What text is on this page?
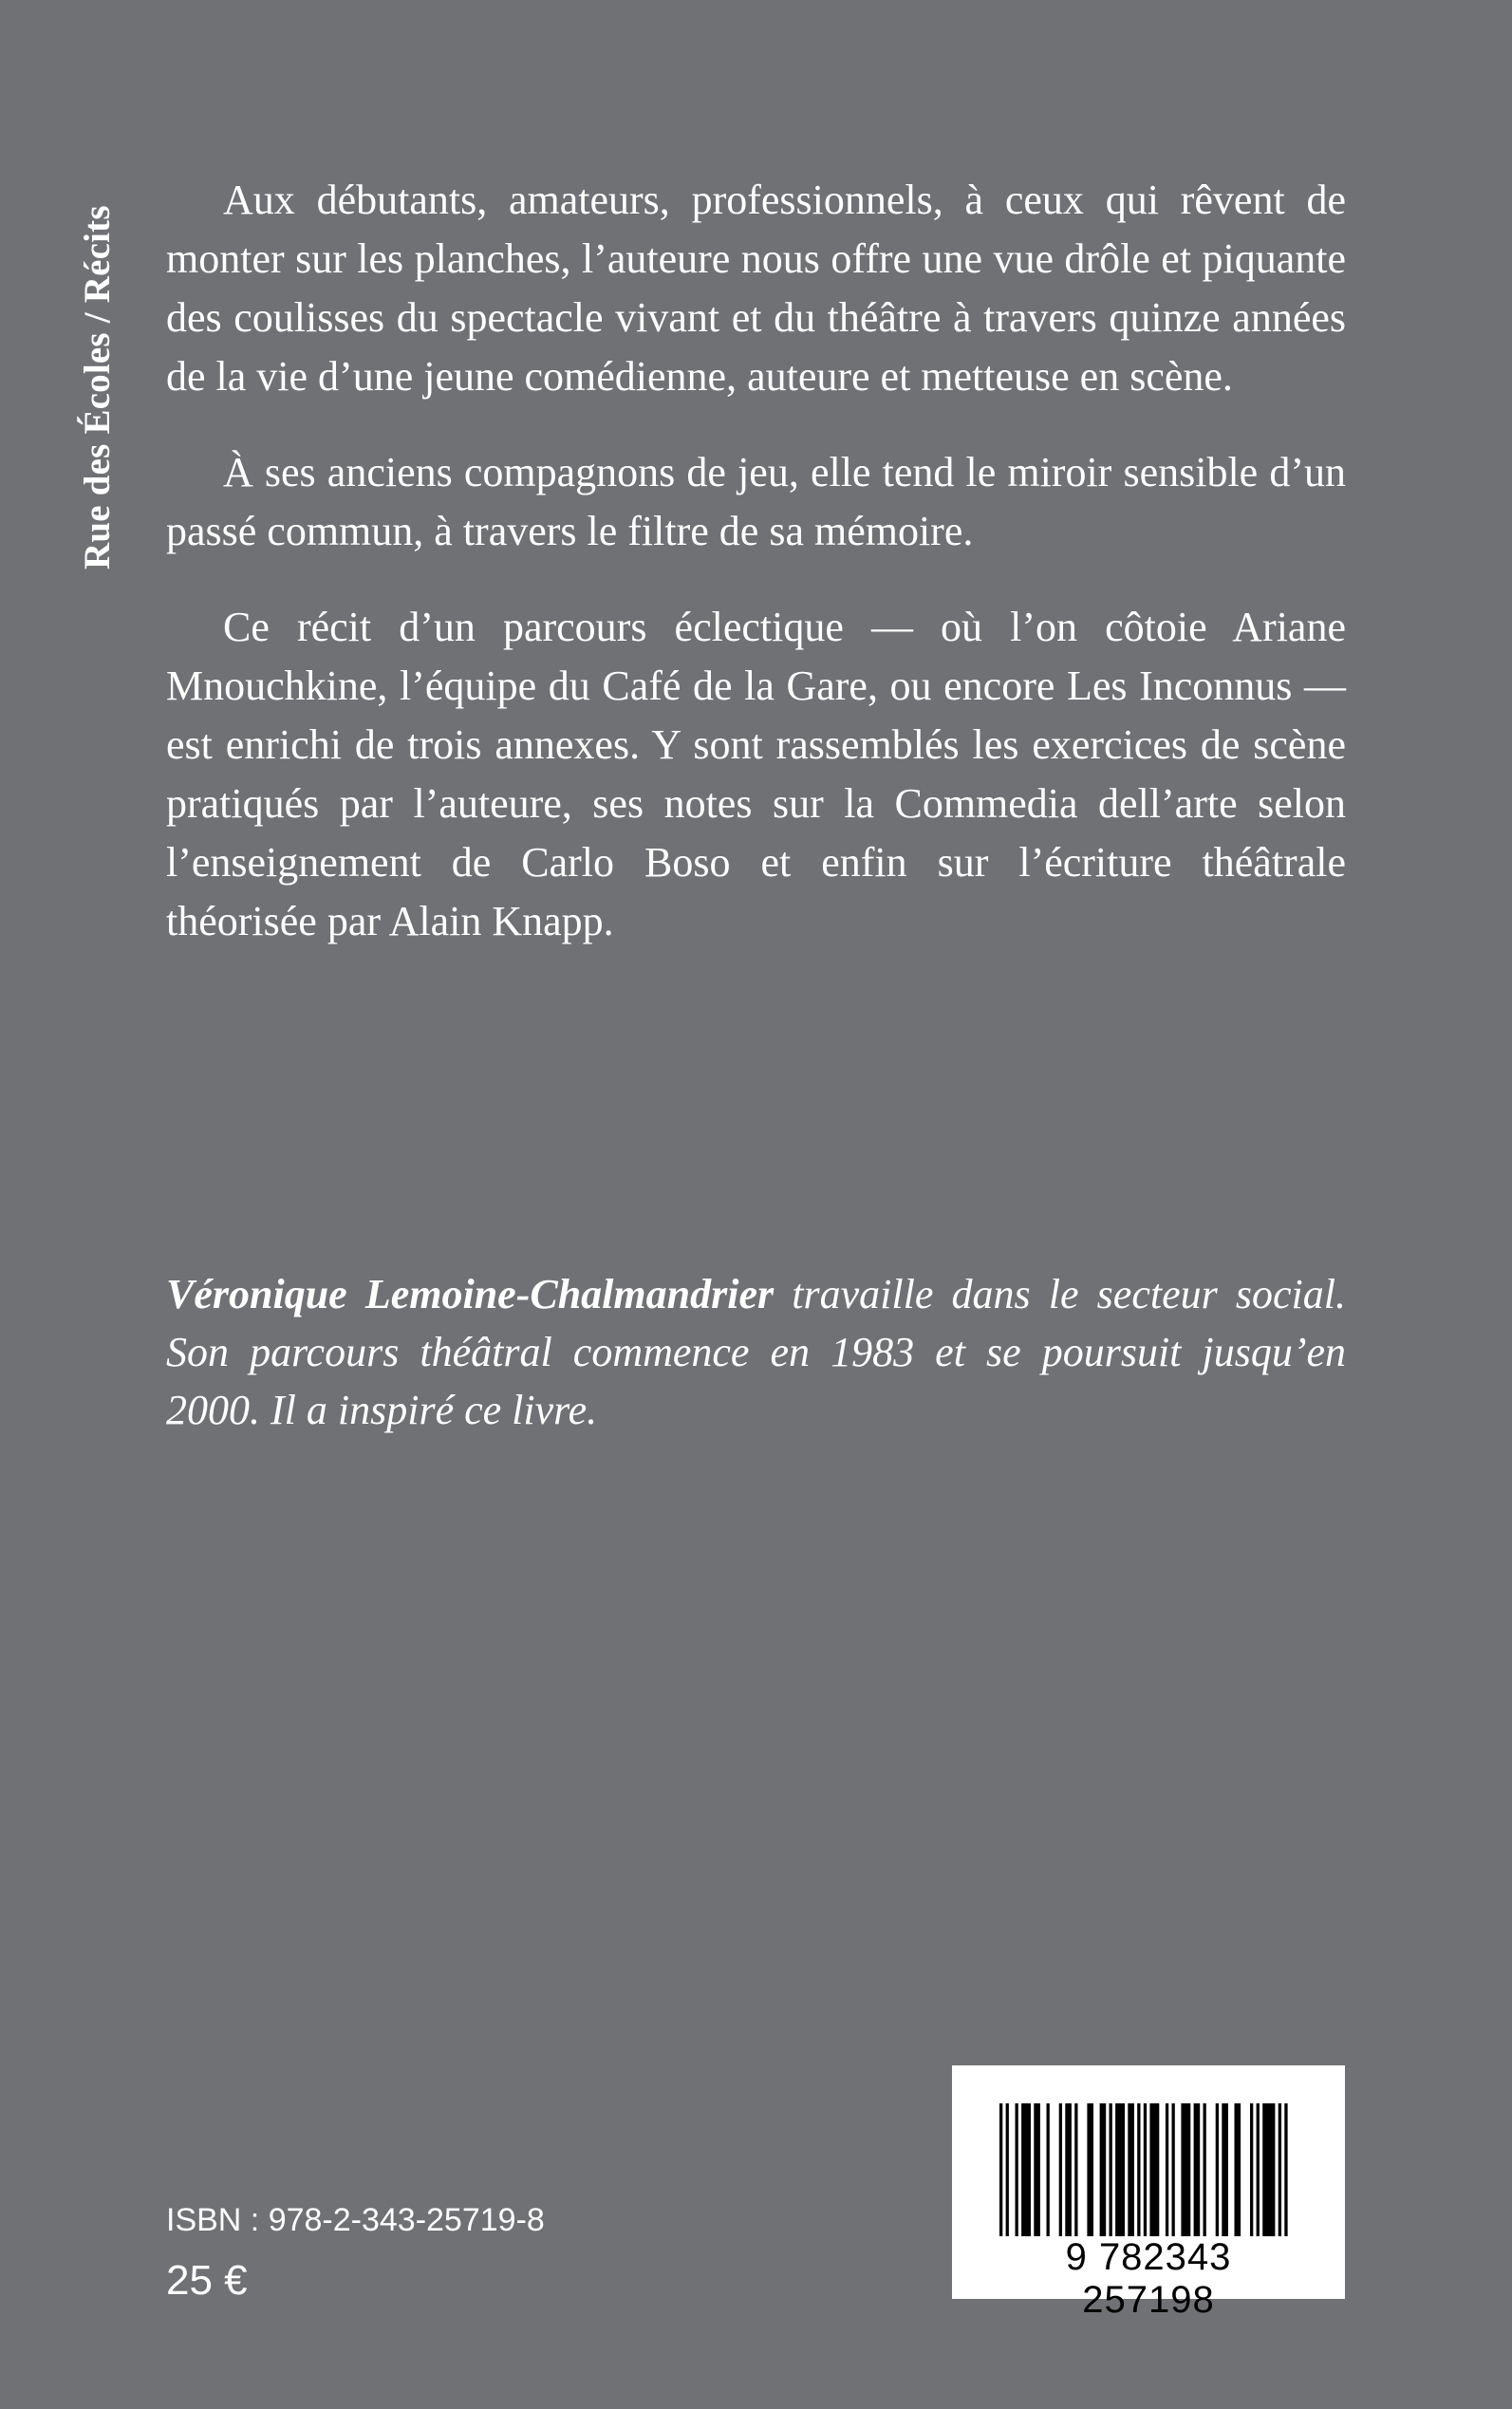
Rue des Écoles / Récits

Aux débutants, amateurs, professionnels, à ceux qui rêvent de monter sur les planches, l’auteure nous offre une vue drôle et piquante des coulisses du spectacle vivant et du théâtre à travers quinze années de la vie d’une jeune comédienne, auteure et metteuse en scène.

À ses anciens compagnons de jeu, elle tend le miroir sensible d’un passé commun, à travers le filtre de sa mémoire.

Ce récit d’un parcours éclectique — où l’on côtoie Ariane Mnouchkine, l’équipe du Café de la Gare, ou encore Les Inconnus — est enrichi de trois annexes. Y sont rassemblés les exercices de scène pratiqués par l’auteure, ses notes sur la Commedia dell’arte selon l’enseignement de Carlo Boso et enfin sur l’écriture théâtrale théorisée par Alain Knapp.

Véronique Lemoine-Chalmandrier travaille dans le secteur social. Son parcours théâtral commence en 1983 et se poursuit jusqu’en 2000. Il a inspiré ce livre.
ISBN : 978-2-343-25719-8
25 €	9 782343 257198
